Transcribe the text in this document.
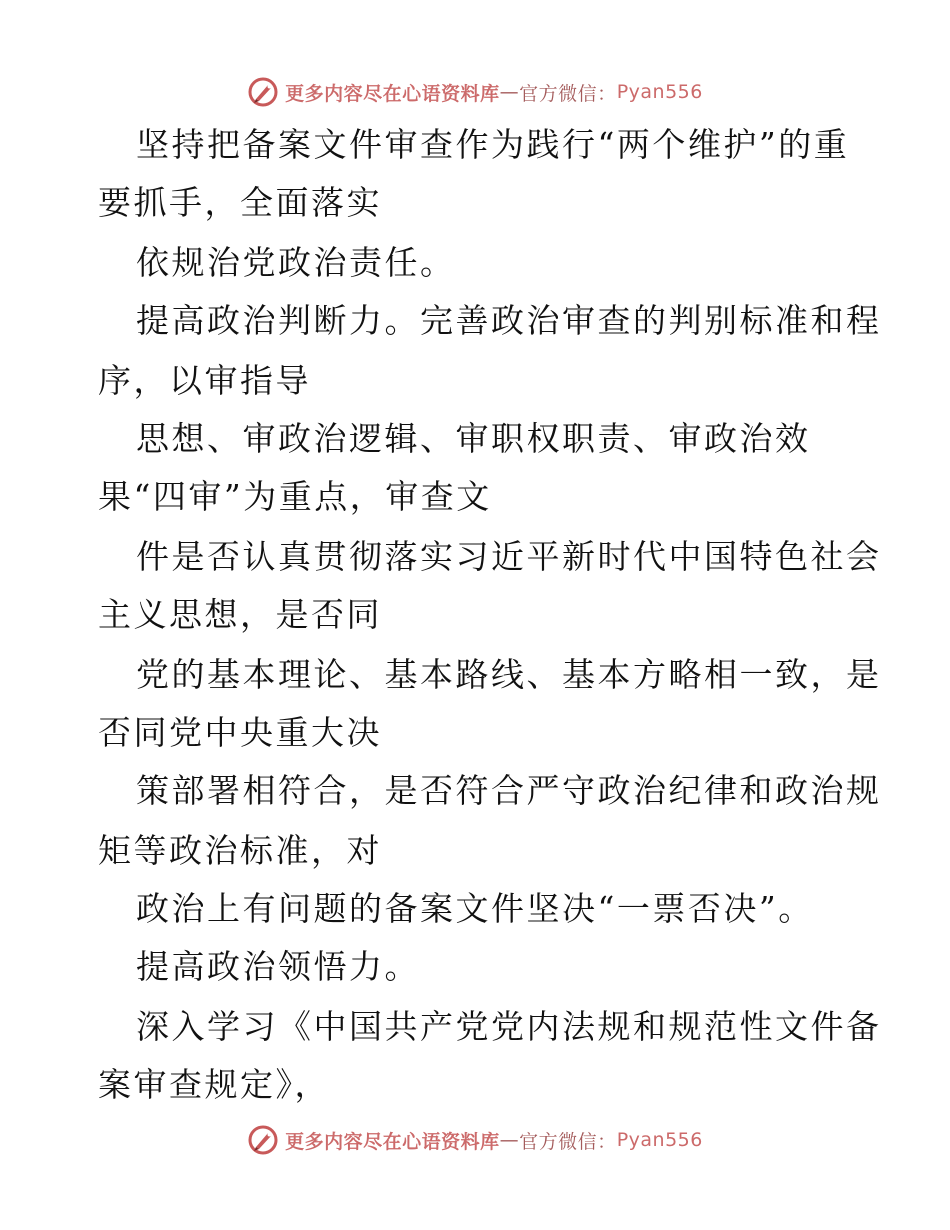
更多内容尽在心语资料库 — 官方微信： Pyan556
坚持把备案文件审查作为践行“两个维护”的重
要抓手，全面落实
依规治党政治责任。
提高政治判断力。完善政治审查的判别标准和程
序，以审指导
思想、审政治逻辑、审职权职责、审政治效
果“四审”为重点，审查文
件是否认真贯彻落实习近平新时代中国特色社会
主义思想，是否同
党的基本理论、基本路线、基本方略相一致，是
否同党中央重大决
策部署相符合，是否符合严守政治纪律和政治规
矩等政治标准，对
政治上有问题的备案文件坚决“一票否决”。
提高政治领悟力。
深入学习《中国共产党党内法规和规范性文件备
案审查规定》，
更多内容尽在心语资料库 — 官方微信： Pyan556
